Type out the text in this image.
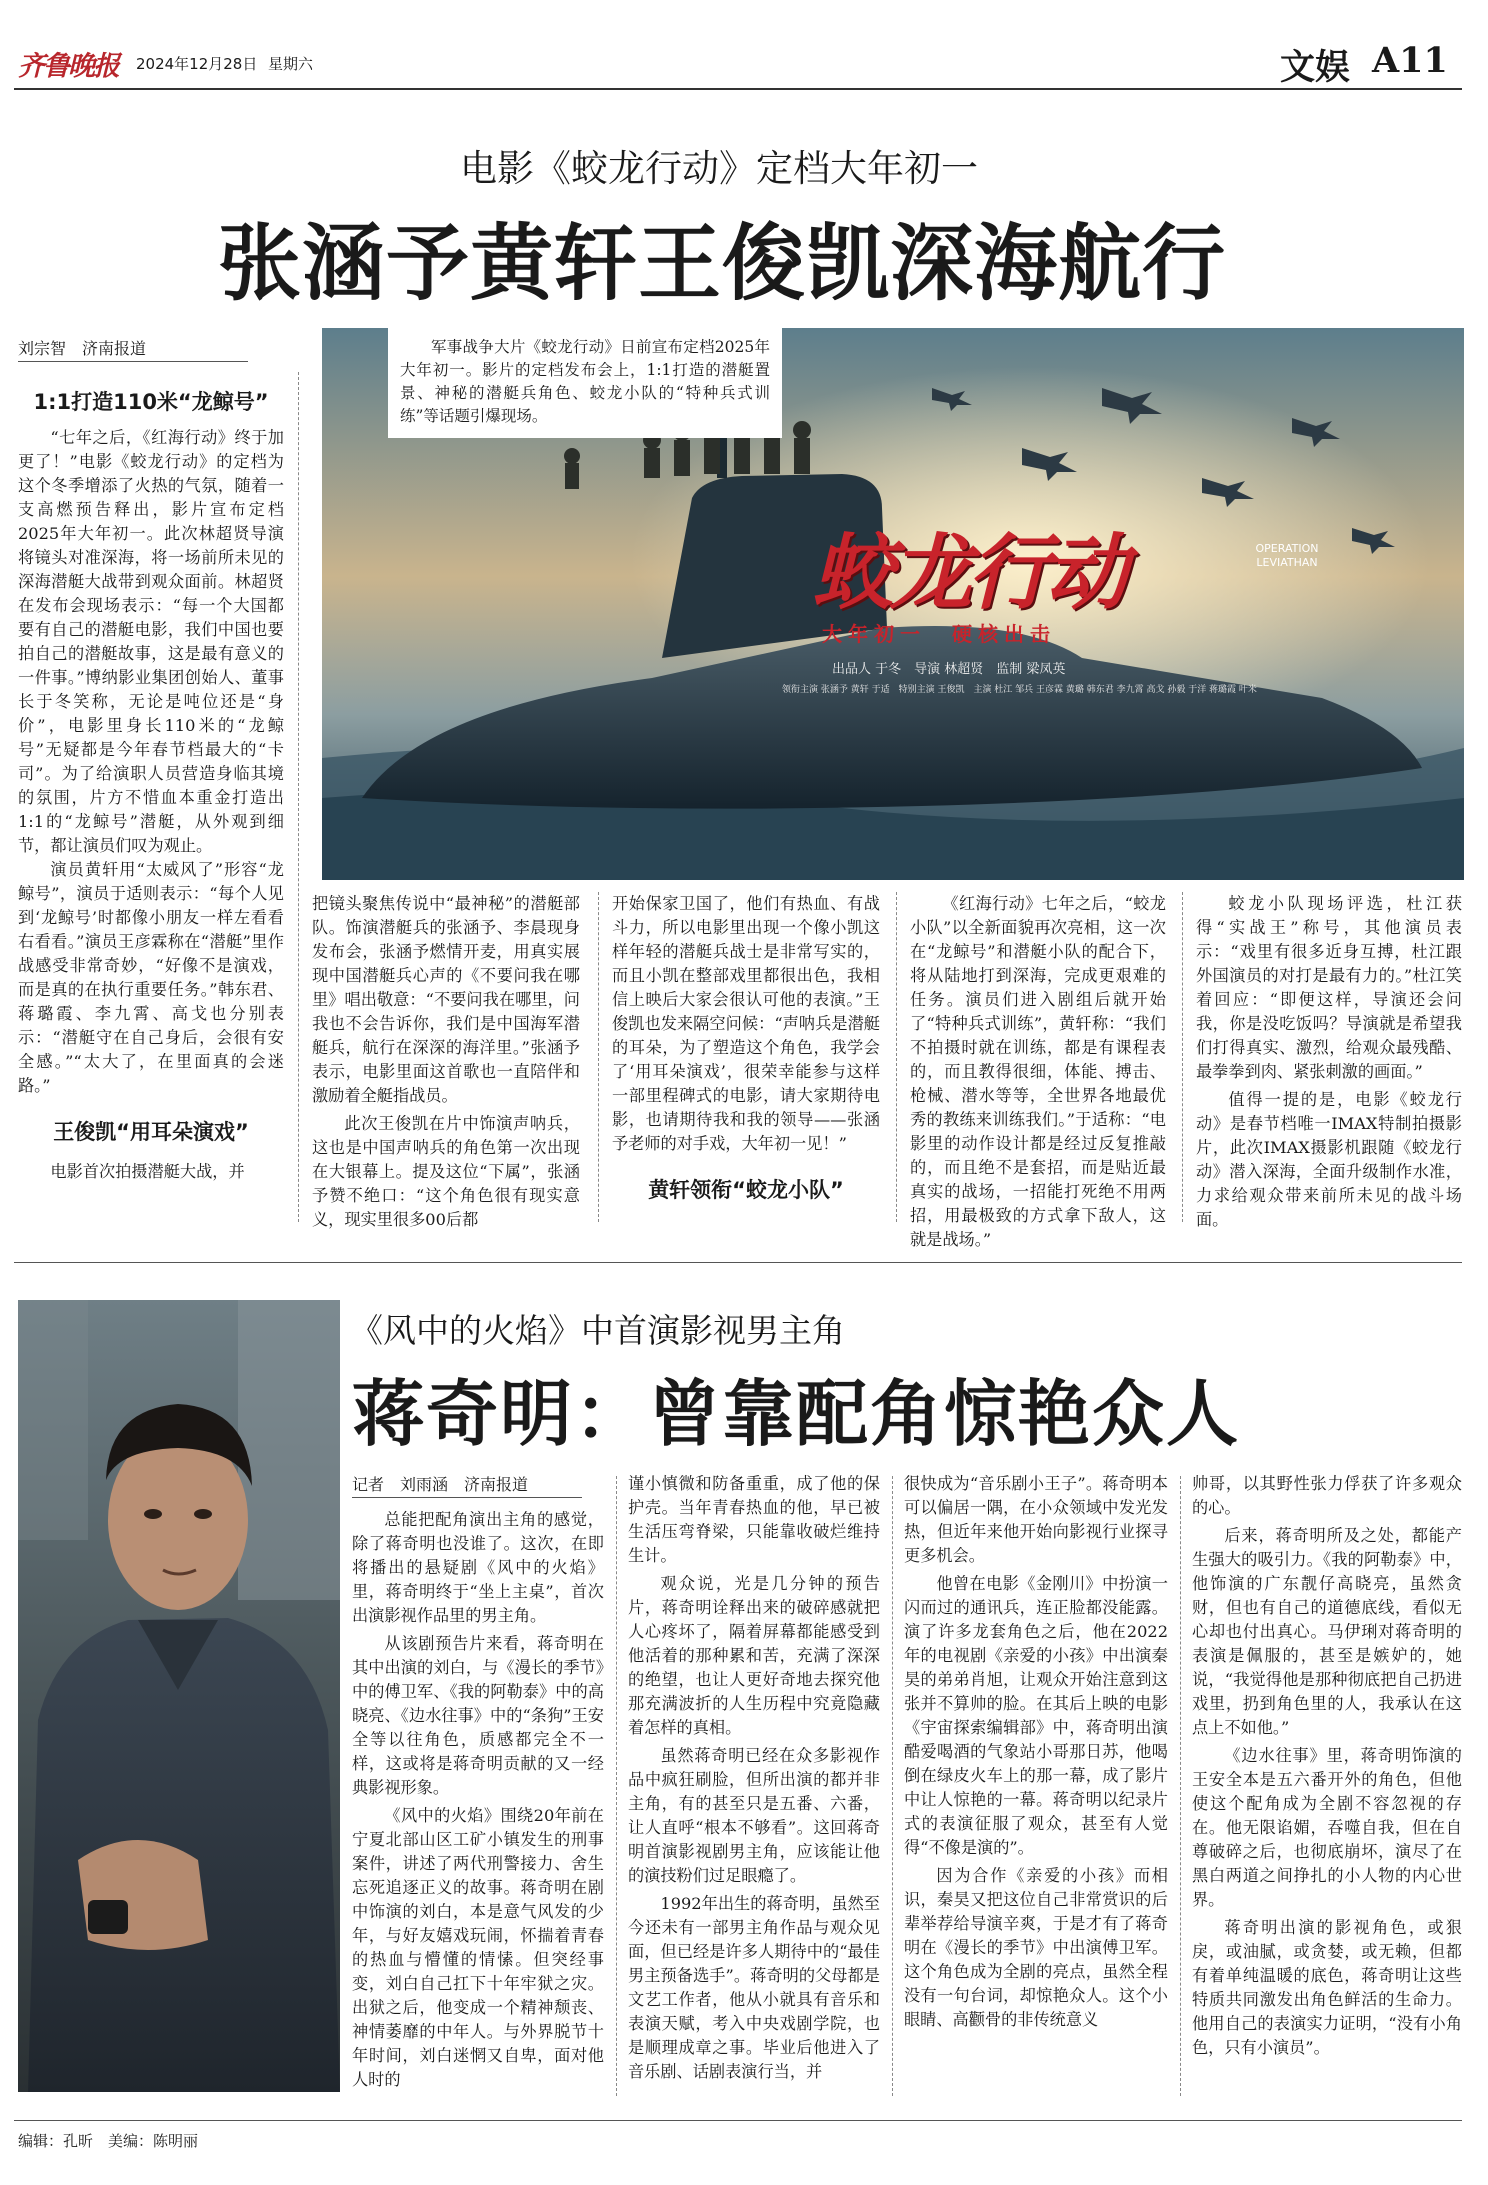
齐鲁晚报 2024年12月28日 星期六	文娱 A11
电影《蛟龙行动》定档大年初一
张涵予黄轩王俊凯深海航行
刘宗智　济南报道
1:1打造110米“龙鲸号”

“七年之后，《红海行动》终于加更了！”电影《蛟龙行动》的定档为这个冬季增添了火热的气氛，随着一支高燃预告释出，影片宣布定档2025年大年初一。此次林超贤导演将镜头对准深海，将一场前所未见的深海潜艇大战带到观众面前。林超贤在发布会现场表示：“每一个大国都要有自己的潜艇电影，我们中国也要拍自己的潜艇故事，这是最有意义的一件事。”博纳影业集团创始人、董事长于冬笑称，无论是吨位还是“身价”，电影里身长110米的“龙鲸号”无疑都是今年春节档最大的“卡司”。为了给演职人员营造身临其境的氛围，片方不惜血本重金打造出1:1的“龙鲸号”潜艇，从外观到细节，都让演员们叹为观止。

演员黄轩用“太威风了”形容“龙鲸号”，演员于适则表示：“每个人见到‘龙鲸号’时都像小朋友一样左看看右看看。”演员王彦霖称在“潜艇”里作战感受非常奇妙，“好像不是演戏，而是真的在执行重要任务。”韩东君、蒋璐霞、李九霄、高戈也分别表示：“潜艇守在自己身后，会很有安全感。”“太大了，在里面真的会迷路。”

王俊凯“用耳朵演戏”

电影首次拍摄潜艇大战，并

蛟龙行动	OPERATION LEVIATHAN
大年初一　硬核出击
出品人 于冬　导演 林超贤　监制 梁凤英
领衔主演 张涵予 黄轩 于适　特别主演 王俊凯　主演 杜江 邹兵 王彦霖 黄璐 韩东君 李九霄 高戈 孙毅 于洋 蒋璐霞 叶米
军事战争大片《蛟龙行动》日前宣布定档2025年大年初一。影片的定档发布会上，1:1打造的潜艇置景、神秘的潜艇兵角色、蛟龙小队的“特种兵式训练”等话题引爆现场。

把镜头聚焦传说中“最神秘”的潜艇部队。饰演潜艇兵的张涵予、李晨现身发布会，张涵予燃情开麦，用真实展现中国潜艇兵心声的《不要问我在哪里》唱出敬意：“不要问我在哪里，问我也不会告诉你，我们是中国海军潜艇兵，航行在深深的海洋里。”张涵予表示，电影里面这首歌也一直陪伴和激励着全艇指战员。

此次王俊凯在片中饰演声呐兵，这也是中国声呐兵的角色第一次出现在大银幕上。提及这位“下属”，张涵予赞不绝口：“这个角色很有现实意义，现实里很多00后都

开始保家卫国了，他们有热血、有战斗力，所以电影里出现一个像小凯这样年轻的潜艇兵战士是非常写实的，而且小凯在整部戏里都很出色，我相信上映后大家会很认可他的表演。”王俊凯也发来隔空问候：“声呐兵是潜艇的耳朵，为了塑造这个角色，我学会了‘用耳朵演戏’，很荣幸能参与这样一部里程碑式的电影，请大家期待电影，也请期待我和我的领导——张涵予老师的对手戏，大年初一见！”

黄轩领衔“蛟龙小队”

《红海行动》七年之后，“蛟龙小队”以全新面貌再次亮相，这一次在“龙鲸号”和潜艇小队的配合下，将从陆地打到深海，完成更艰难的任务。演员们进入剧组后就开始了“特种兵式训练”，黄轩称：“我们不拍摄时就在训练，都是有课程表的，而且教得很细，体能、搏击、枪械、潜水等等，全世界各地最优秀的教练来训练我们。”于适称：“电影里的动作设计都是经过反复推敲的，而且绝不是套招，而是贴近最真实的战场，一招能打死绝不用两招，用最极致的方式拿下敌人，这就是战场。”

蛟龙小队现场评选，杜江获得“实战王”称号，其他演员表示：“戏里有很多近身互搏，杜江跟外国演员的对打是最有力的。”杜江笑着回应：“即便这样，导演还会问我，你是没吃饭吗？导演就是希望我们打得真实、激烈，给观众最残酷、最拳拳到肉、紧张刺激的画面。”

值得一提的是，电影《蛟龙行动》是春节档唯一IMAX特制拍摄影片，此次IMAX摄影机跟随《蛟龙行动》潜入深海，全面升级制作水准，力求给观众带来前所未见的战斗场面。

《风中的火焰》中首演影视男主角
蒋奇明：曾靠配角惊艳众人
记者　刘雨涵　济南报道

总能把配角演出主角的感觉，除了蒋奇明也没谁了。这次，在即将播出的悬疑剧《风中的火焰》里，蒋奇明终于“坐上主桌”，首次出演影视作品里的男主角。

从该剧预告片来看，蒋奇明在其中出演的刘白，与《漫长的季节》中的傅卫军、《我的阿勒泰》中的高晓亮、《边水往事》中的“条狗”王安全等以往角色，质感都完全不一样，这或将是蒋奇明贡献的又一经典影视形象。

《风中的火焰》围绕20年前在宁夏北部山区工矿小镇发生的刑事案件，讲述了两代刑警接力、舍生忘死追逐正义的故事。蒋奇明在剧中饰演的刘白，本是意气风发的少年，与好友嬉戏玩闹，怀揣着青春的热血与懵懂的情愫。但突经事变，刘白自己扛下十年牢狱之灾。出狱之后，他变成一个精神颓丧、神情萎靡的中年人。与外界脱节十年时间，刘白迷惘又自卑，面对他人时的

谨小慎微和防备重重，成了他的保护壳。当年青春热血的他，早已被生活压弯脊梁，只能靠收破烂维持生计。

观众说，光是几分钟的预告片，蒋奇明诠释出来的破碎感就把人心疼坏了，隔着屏幕都能感受到他活着的那种累和苦，充满了深深的绝望，也让人更好奇地去探究他那充满波折的人生历程中究竟隐藏着怎样的真相。

虽然蒋奇明已经在众多影视作品中疯狂刷脸，但所出演的都并非主角，有的甚至只是五番、六番，让人直呼“根本不够看”。这回蒋奇明首演影视剧男主角，应该能让他的演技粉们过足眼瘾了。

1992年出生的蒋奇明，虽然至今还未有一部男主角作品与观众见面，但已经是许多人期待中的“最佳男主预备选手”。蒋奇明的父母都是文艺工作者，他从小就具有音乐和表演天赋，考入中央戏剧学院，也是顺理成章之事。毕业后他进入了音乐剧、话剧表演行当，并

很快成为“音乐剧小王子”。蒋奇明本可以偏居一隅，在小众领域中发光发热，但近年来他开始向影视行业探寻更多机会。

他曾在电影《金刚川》中扮演一闪而过的通讯兵，连正脸都没能露。演了许多龙套角色之后，他在2022年的电视剧《亲爱的小孩》中出演秦昊的弟弟肖旭，让观众开始注意到这张并不算帅的脸。在其后上映的电影《宇宙探索编辑部》中，蒋奇明出演酷爱喝酒的气象站小哥那日苏，他喝倒在绿皮火车上的那一幕，成了影片中让人惊艳的一幕。蒋奇明以纪录片式的表演征服了观众，甚至有人觉得“不像是演的”。

因为合作《亲爱的小孩》而相识，秦昊又把这位自己非常赏识的后辈举荐给导演辛爽，于是才有了蒋奇明在《漫长的季节》中出演傅卫军。这个角色成为全剧的亮点，虽然全程没有一句台词，却惊艳众人。这个小眼睛、高颧骨的非传统意义

帅哥，以其野性张力俘获了许多观众的心。

后来，蒋奇明所及之处，都能产生强大的吸引力。《我的阿勒泰》中，他饰演的广东靓仔高晓亮，虽然贪财，但也有自己的道德底线，看似无心却也付出真心。马伊琍对蒋奇明的表演是佩服的，甚至是嫉妒的，她说，“我觉得他是那种彻底把自己扔进戏里，扔到角色里的人，我承认在这点上不如他。”

《边水往事》里，蒋奇明饰演的王安全本是五六番开外的角色，但他使这个配角成为全剧不容忽视的存在。他无限谄媚，吞噬自我，但在自尊破碎之后，也彻底崩坏，演尽了在黑白两道之间挣扎的小人物的内心世界。

蒋奇明出演的影视角色，或狠戾，或油腻，或贪婪，或无赖，但都有着单纯温暖的底色，蒋奇明让这些特质共同激发出角色鲜活的生命力。他用自己的表演实力证明，“没有小角色，只有小演员”。

编辑：孔昕　美编：陈明丽
